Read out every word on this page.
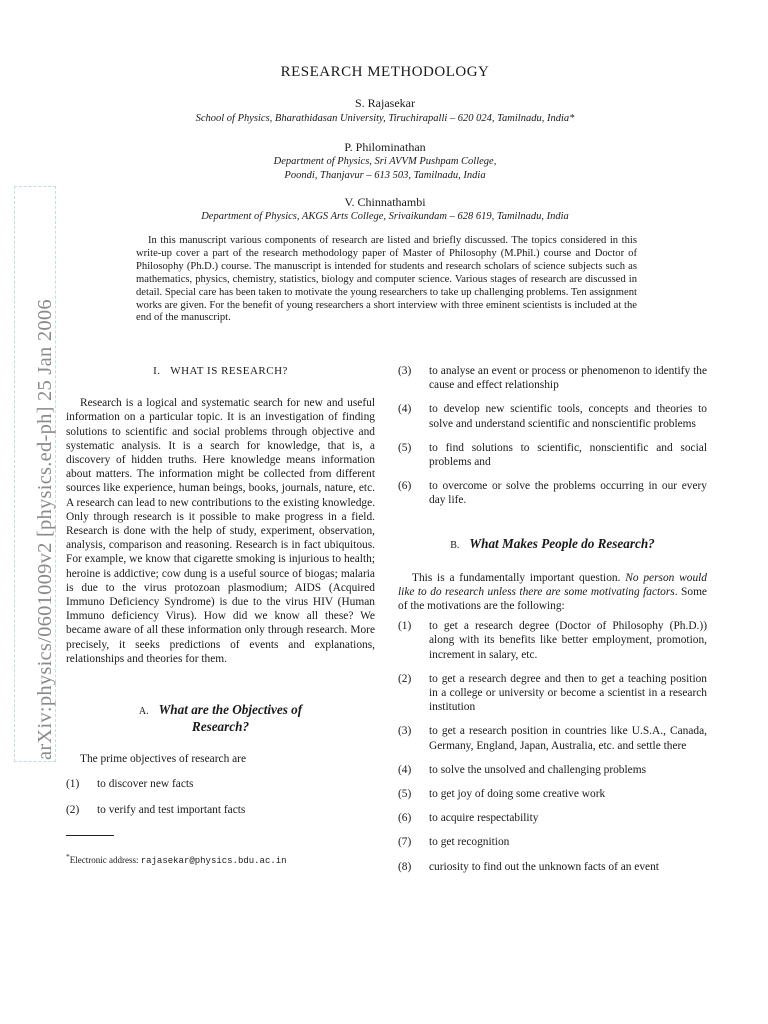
arXiv:physics/0601009v2 [physics.ed-ph] 25 Jan 2006
RESEARCH METHODOLOGY
S. Rajasekar
School of Physics, Bharathidasan University, Tiruchirapalli – 620 024, Tamilnadu, India*
P. Philominathan
Department of Physics, Sri AVVM Pushpam College,
Poondi, Thanjavur – 613 503, Tamilnadu, India
V. Chinnathambi
Department of Physics, AKGS Arts College, Srivaikundam – 628 619, Tamilnadu, India
In this manuscript various components of research are listed and briefly discussed. The topics considered in this write-up cover a part of the research methodology paper of Master of Philosophy (M.Phil.) course and Doctor of Philosophy (Ph.D.) course. The manuscript is intended for students and research scholars of science subjects such as mathematics, physics, chemistry, statistics, biology and computer science. Various stages of research are discussed in detail. Special care has been taken to motivate the young researchers to take up challenging problems. Ten assignment works are given. For the benefit of young researchers a short interview with three eminent scientists is included at the end of the manuscript.
I. WHAT IS RESEARCH?

Research is a logical and systematic search for new and useful information on a particular topic. It is an investigation of finding solutions to scientific and social problems through objective and systematic analysis. It is a search for knowledge, that is, a discovery of hidden truths. Here knowledge means information about matters. The information might be collected from different sources like experience, human beings, books, journals, nature, etc. A research can lead to new contributions to the existing knowledge. Only through research is it possible to make progress in a field. Research is done with the help of study, experiment, observation, analysis, comparison and reasoning. Research is in fact ubiquitous. For example, we know that cigarette smoking is injurious to health; heroine is addictive; cow dung is a useful source of biogas; malaria is due to the virus protozoan plasmodium; AIDS (Acquired Immuno Deficiency Syndrome) is due to the virus HIV (Human Immuno deficiency Virus). How did we know all these? We became aware of all these information only through research. More precisely, it seeks predictions of events and explanations, relationships and theories for them.

A. What are the Objectives of
Research?

The prime objectives of research are

(1)	to discover new facts
(2)	to verify and test important facts
*Electronic address: rajasekar@physics.bdu.ac.in
(3)	to analyse an event or process or phenomenon to identify the cause and effect relationship
(4)	to develop new scientific tools, concepts and theories to solve and understand scientific and nonscientific problems
(5)	to find solutions to scientific, nonscientific and social problems and
(6)	to overcome or solve the problems occurring in our every day life.
B. What Makes People do Research?

This is a fundamentally important question. No person would like to do research unless there are some motivating factors. Some of the motivations are the following:

(1)	to get a research degree (Doctor of Philosophy (Ph.D.)) along with its benefits like better employment, promotion, increment in salary, etc.
(2)	to get a research degree and then to get a teaching position in a college or university or become a scientist in a research institution
(3)	to get a research position in countries like U.S.A., Canada, Germany, England, Japan, Australia, etc. and settle there
(4)	to solve the unsolved and challenging problems
(5)	to get joy of doing some creative work
(6)	to acquire respectability
(7)	to get recognition
(8)	curiosity to find out the unknown facts of an event
